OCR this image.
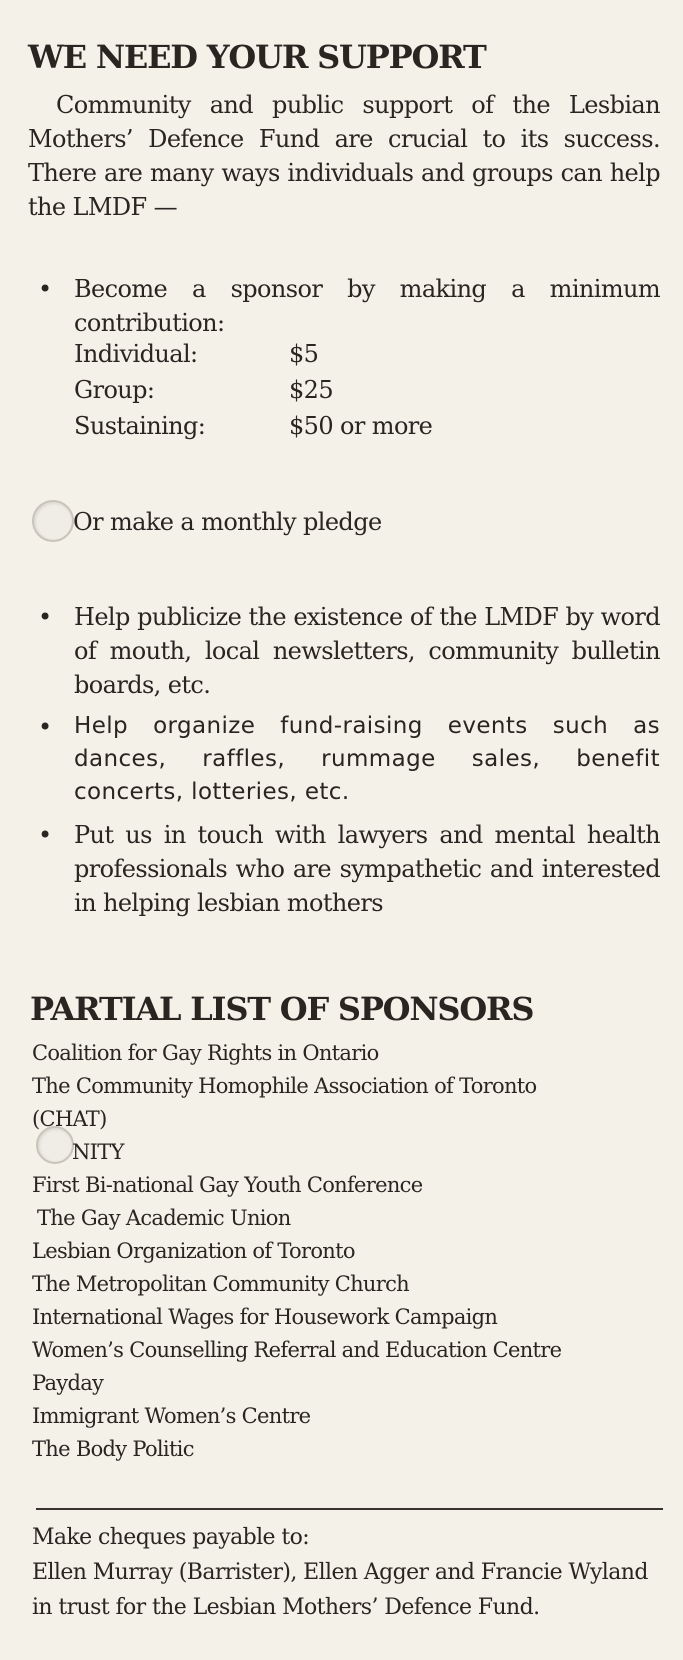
WE NEED YOUR SUPPORT

Community and public support of the Lesbian Mothers’ Defence Fund are crucial to its success. There are many ways individuals and groups can help the LMDF —

• Become a sponsor by making a minimum contribution:
Individual:	$5
Group:	$25
Sustaining:	$50 or more
Or make a monthly pledge
• Help publicize the existence of the LMDF by word of mouth, local newsletters, community bulletin boards, etc.
• Help organize fund-raising events such as dances, raffles, rummage sales, benefit concerts, lotteries, etc.
• Put us in touch with lawyers and mental health professionals who are sympathetic and interested in helping lesbian mothers
PARTIAL LIST OF SPONSORS
Coalition for Gay Rights in Ontario
The Community Homophile Association of Toronto
(CHAT)
NITY
First Bi-national Gay Youth Conference
The Gay Academic Union
Lesbian Organization of Toronto
The Metropolitan Community Church
International Wages for Housework Campaign
Women’s Counselling Referral and Education Centre
Payday
Immigrant Women’s Centre
The Body Politic
Make cheques payable to:
Ellen Murray (Barrister), Ellen Agger and Francie Wyland
in trust for the Lesbian Mothers’ Defence Fund.
